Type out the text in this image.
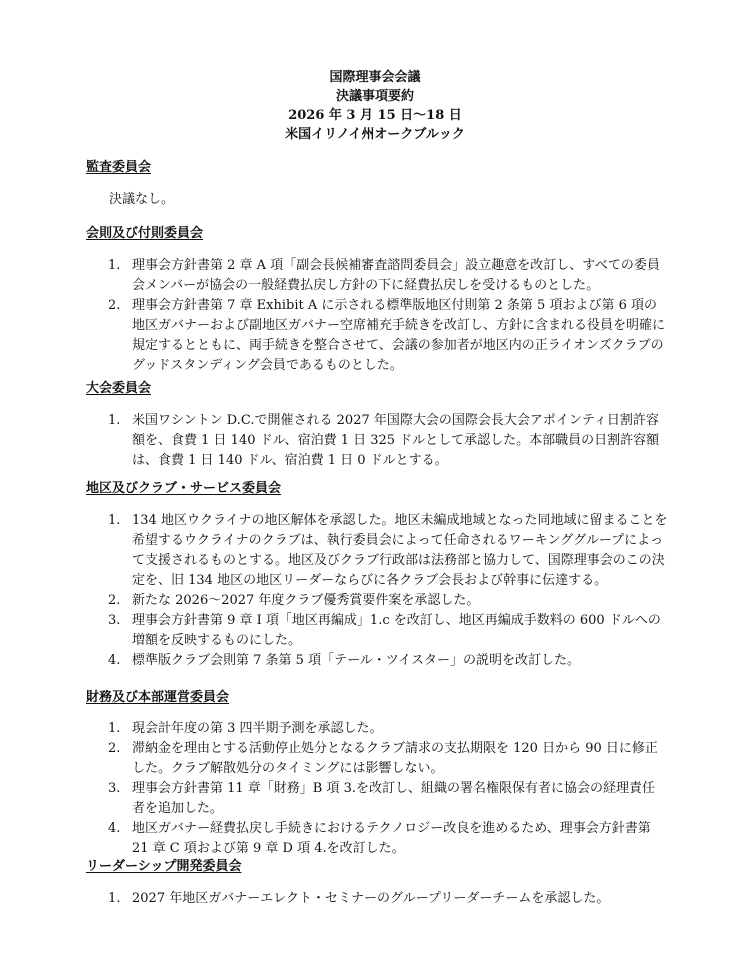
国際理事会会議
決議事項要約
2026 年 3 月 15 日〜18 日
米国イリノイ州オークブルック
監査委員会

決議なし。

会則及び付則委員会
1. 理事会方針書第 2 章 A 項「副会長候補審査諮問委員会」設立趣意を改訂し、すべての委員会メンバーが協会の一般経費払戻し方針の下に経費払戻しを受けるものとした。
2. 理事会方針書第 7 章 Exhibit A に示される標準版地区付則第 2 条第 5 項および第 6 項の地区ガバナーおよび副地区ガバナー空席補充手続きを改訂し、方針に含まれる役員を明確に規定するとともに、両手続きを整合させて、会議の参加者が地区内の正ライオンズクラブのグッドスタンディング会員であるものとした。
大会委員会
1. 米国ワシントン D.C.で開催される 2027 年国際大会の国際会長大会アポインティ日割許容額を、食費 1 日 140 ドル、宿泊費 1 日 325 ドルとして承認した。本部職員の日割許容額は、食費 1 日 140 ドル、宿泊費 1 日 0 ドルとする。
地区及びクラブ・サービス委員会
1. 134 地区ウクライナの地区解体を承認した。地区未編成地域となった同地域に留まることを希望するウクライナのクラブは、執行委員会によって任命されるワーキンググループによって支援されるものとする。地区及びクラブ行政部は法務部と協力して、国際理事会のこの決定を、旧 134 地区の地区リーダーならびに各クラブ会長および幹事に伝達する。
2. 新たな 2026〜2027 年度クラブ優秀賞要件案を承認した。
3. 理事会方針書第 9 章 I 項「地区再編成」1.c を改訂し、地区再編成手数料の 600 ドルへの増額を反映するものにした。
4. 標準版クラブ会則第 7 条第 5 項「テール・ツイスター」の説明を改訂した。
財務及び本部運営委員会
1. 現会計年度の第 3 四半期予測を承認した。
2. 滞納金を理由とする活動停止処分となるクラブ請求の支払期限を 120 日から 90 日に修正した。クラブ解散処分のタイミングには影響しない。
3. 理事会方針書第 11 章「財務」B 項 3.を改訂し、組織の署名権限保有者に協会の経理責任者を追加した。
4. 地区ガバナー経費払戻し手続きにおけるテクノロジー改良を進めるため、理事会方針書第 21 章 C 項および第 9 章 D 項 4.を改訂した。
リーダーシップ開発委員会
1. 2027 年地区ガバナーエレクト・セミナーのグループリーダーチームを承認した。
